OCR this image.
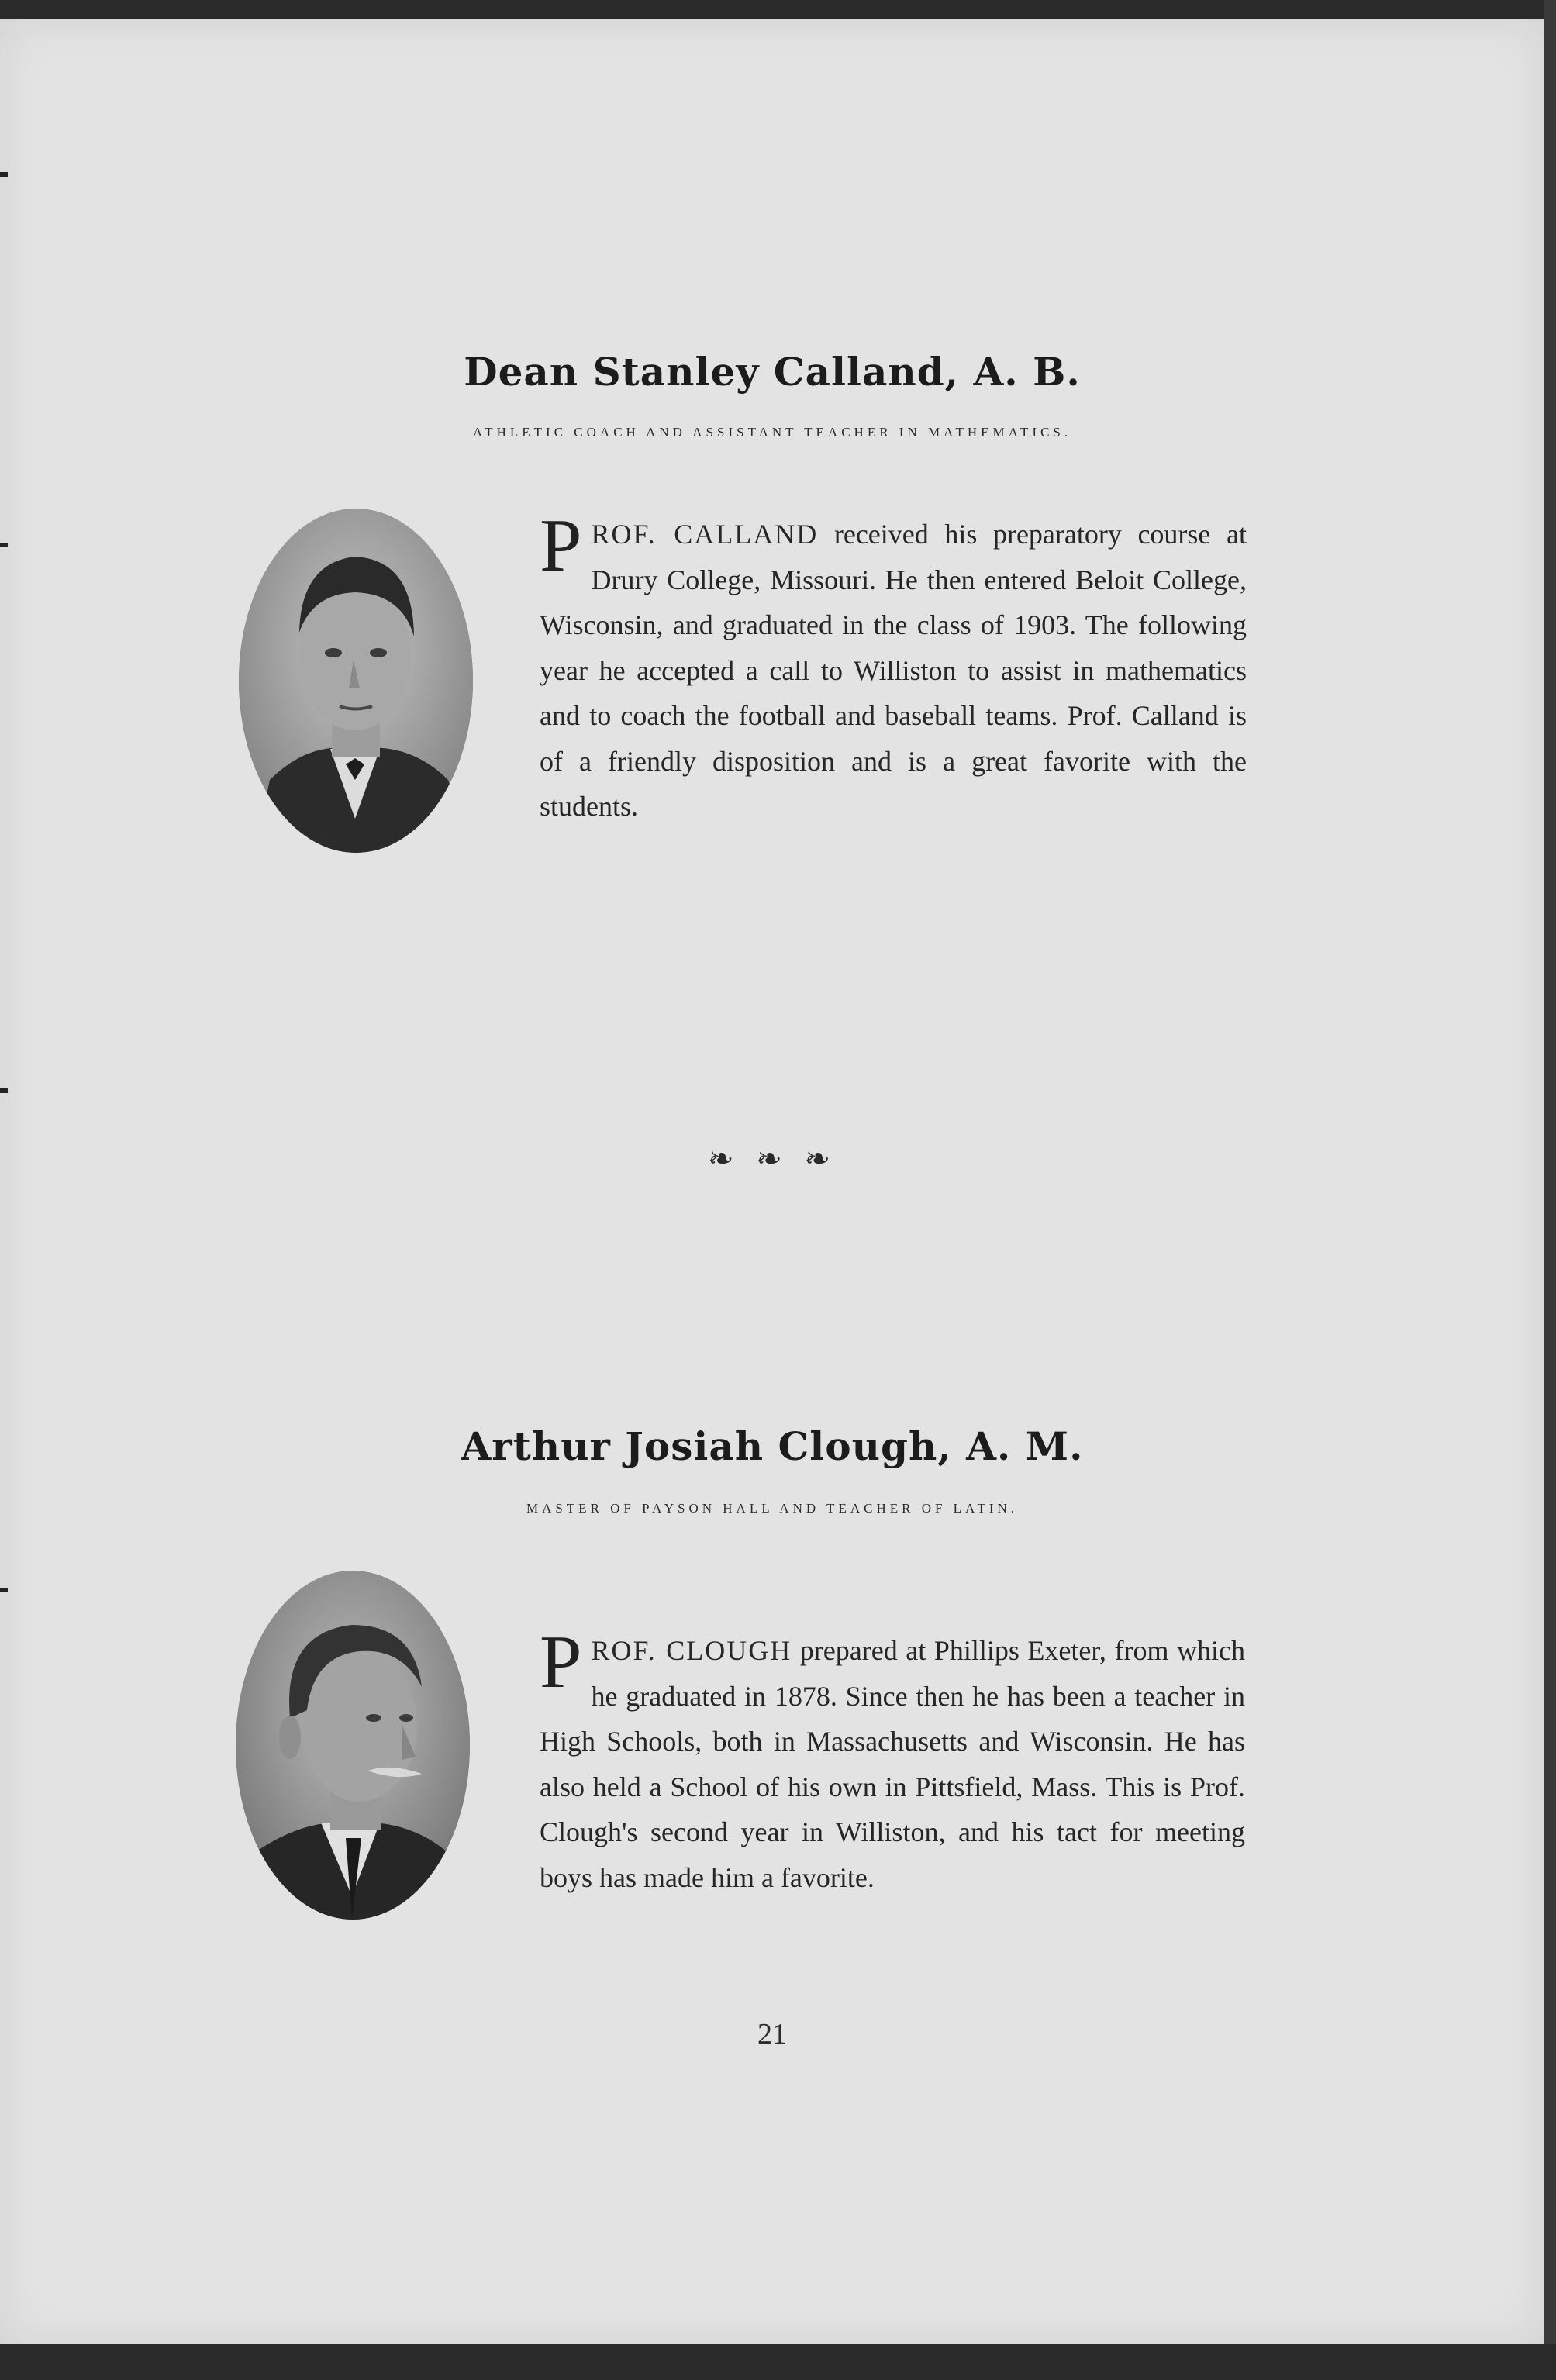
Dean Stanley Calland, A. B.
ATHLETIC COACH AND ASSISTANT TEACHER IN MATHEMATICS.
PROF. CALLAND received his preparatory course at Drury College, Missouri. He then entered Beloit College, Wisconsin, and graduated in the class of 1903. The following year he accepted a call to Williston to assist in mathematics and to coach the football and baseball teams. Prof. Calland is of a friendly disposition and is a great favorite with the students.
❧ ❧ ❧
Arthur Josiah Clough, A. M.
MASTER OF PAYSON HALL AND TEACHER OF LATIN.
PROF. CLOUGH prepared at Phillips Exeter, from which he graduated in 1878. Since then he has been a teacher in High Schools, both in Massachusetts and Wisconsin. He has also held a School of his own in Pittsfield, Mass. This is Prof. Clough's second year in Williston, and his tact for meeting boys has made him a favorite.
21
